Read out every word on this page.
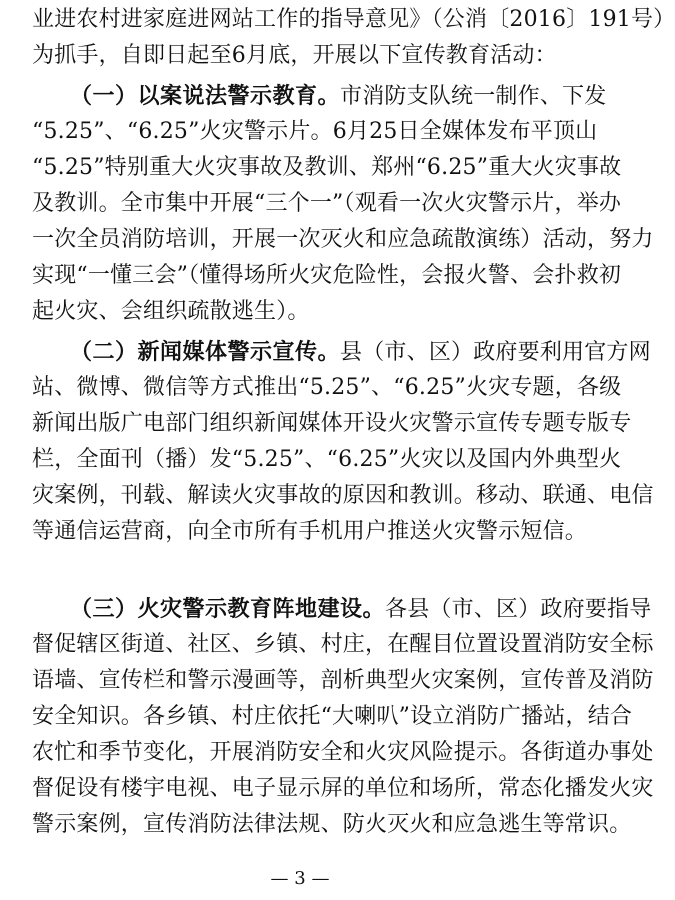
业进农村进家庭进网站工作的指导意见》（公消〔2016〕191号）
为抓手，自即日起至6月底，开展以下宣传教育活动：
（一）以案说法警示教育。市消防支队统一制作、下发
“5.25”、“6.25”火灾警示片。6月25日全媒体发布平顶山
“5.25”特别重大火灾事故及教训、郑州“6.25”重大火灾事故
及教训。全市集中开展“三个一”（观看一次火灾警示片，举办
一次全员消防培训，开展一次灭火和应急疏散演练）活动，努力
实现“一懂三会”（懂得场所火灾危险性，会报火警、会扑救初
起火灾、会组织疏散逃生）。
（二）新闻媒体警示宣传。县（市、区）政府要利用官方网
站、微博、微信等方式推出“5.25”、“6.25”火灾专题，各级
新闻出版广电部门组织新闻媒体开设火灾警示宣传专题专版专
栏，全面刊（播）发“5.25”、“6.25”火灾以及国内外典型火
灾案例，刊载、解读火灾事故的原因和教训。移动、联通、电信
等通信运营商，向全市所有手机用户推送火灾警示短信。
（三）火灾警示教育阵地建设。各县（市、区）政府要指导
督促辖区街道、社区、乡镇、村庄，在醒目位置设置消防安全标
语墙、宣传栏和警示漫画等，剖析典型火灾案例，宣传普及消防
安全知识。各乡镇、村庄依托“大喇叭”设立消防广播站，结合
农忙和季节变化，开展消防安全和火灾风险提示。各街道办事处
督促设有楼宇电视、电子显示屏的单位和场所，常态化播发火灾
警示案例，宣传消防法律法规、防火灭火和应急逃生等常识。
— 3 —
